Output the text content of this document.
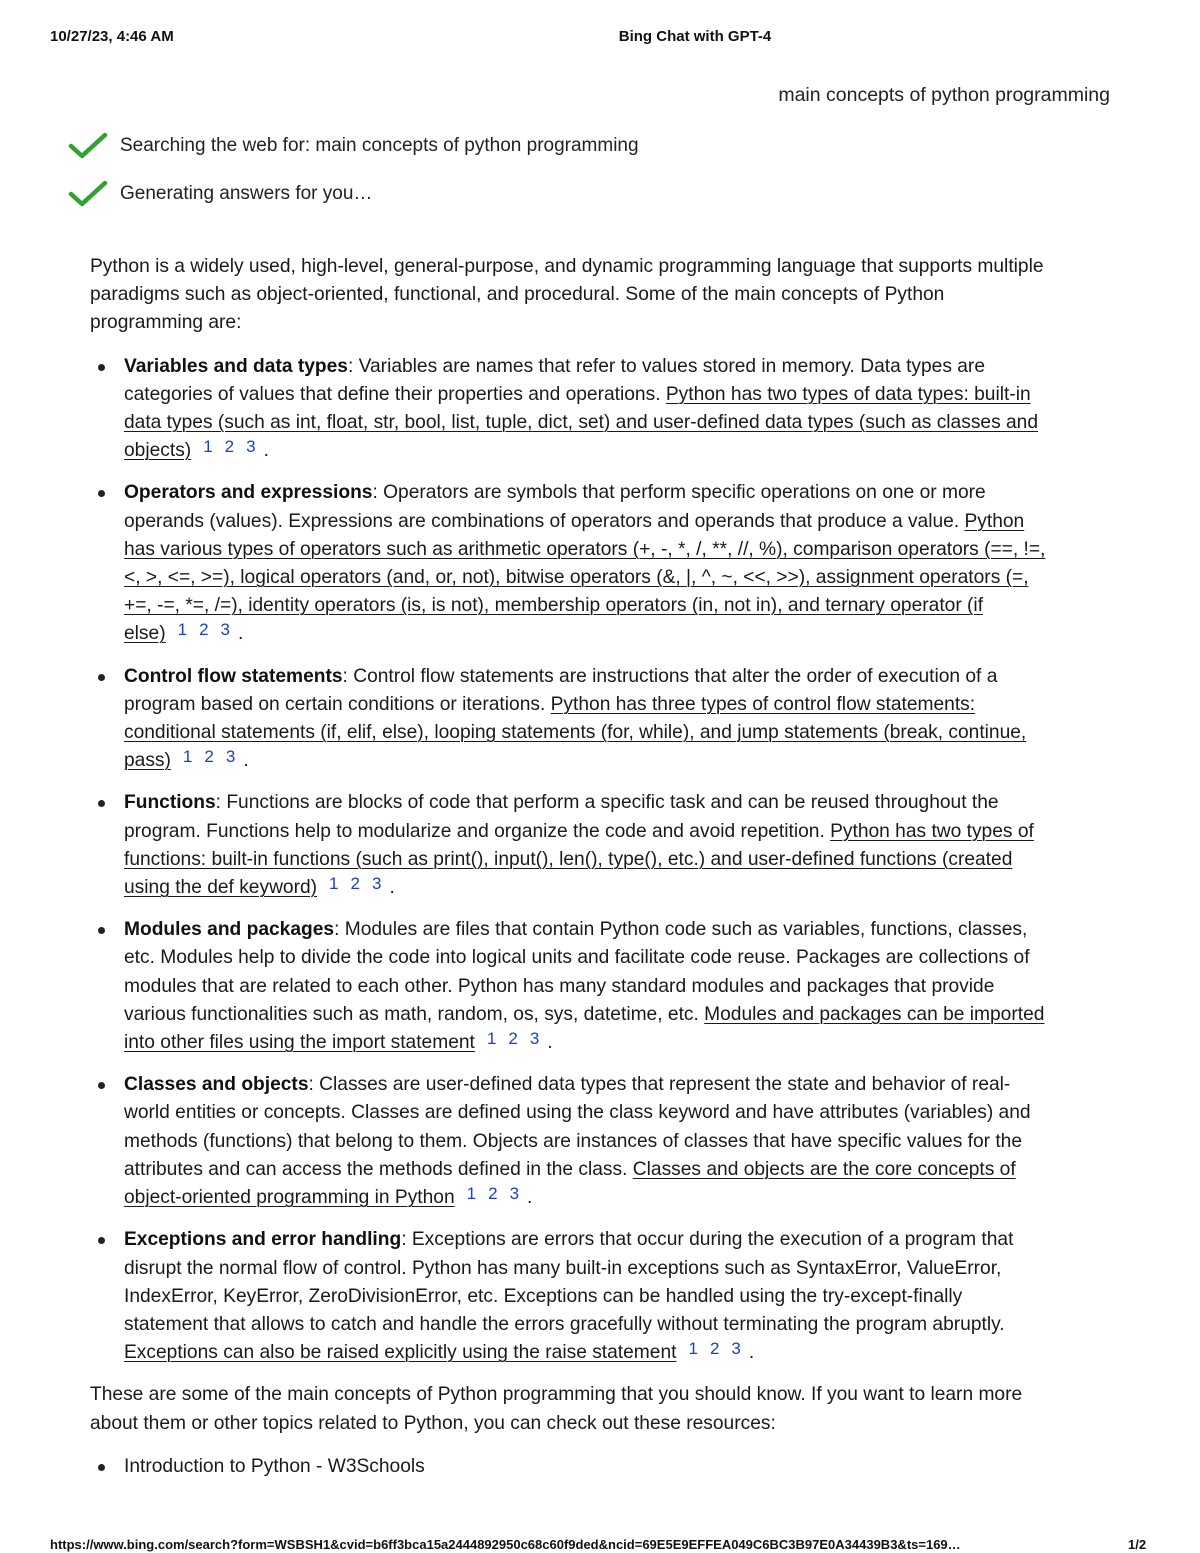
10/27/23, 4:46 AM	Bing Chat with GPT-4
main concepts of python programming
Searching the web for: main concepts of python programming
Generating answers for you…

Python is a widely used, high-level, general-purpose, and dynamic programming language that supports multiple paradigms such as object-oriented, functional, and procedural. Some of the main concepts of Python programming are:

Variables and data types: Variables are names that refer to values stored in memory. Data types are categories of values that define their properties and operations. Python has two types of data types: built-in data types (such as int, float, str, bool, list, tuple, dict, set) and user-defined data types (such as classes and objects) 1 2 3 .
Operators and expressions: Operators are symbols that perform specific operations on one or more operands (values). Expressions are combinations of operators and operands that produce a value. Python has various types of operators such as arithmetic operators (+, -, *, /, **, //, %), comparison operators (==, !=, <, >, <=, >=), logical operators (and, or, not), bitwise operators (&, |, ^, ~, <<, >>), assignment operators (=, +=, -=, *=, /=), identity operators (is, is not), membership operators (in, not in), and ternary operator (if else) 1 2 3 .
Control flow statements: Control flow statements are instructions that alter the order of execution of a program based on certain conditions or iterations. Python has three types of control flow statements: conditional statements (if, elif, else), looping statements (for, while), and jump statements (break, continue, pass) 1 2 3 .
Functions: Functions are blocks of code that perform a specific task and can be reused throughout the program. Functions help to modularize and organize the code and avoid repetition. Python has two types of functions: built-in functions (such as print(), input(), len(), type(), etc.) and user-defined functions (created using the def keyword) 1 2 3 .
Modules and packages: Modules are files that contain Python code such as variables, functions, classes, etc. Modules help to divide the code into logical units and facilitate code reuse. Packages are collections of modules that are related to each other. Python has many standard modules and packages that provide various functionalities such as math, random, os, sys, datetime, etc. Modules and packages can be imported into other files using the import statement 1 2 3 .
Classes and objects: Classes are user-defined data types that represent the state and behavior of real-world entities or concepts. Classes are defined using the class keyword and have attributes (variables) and methods (functions) that belong to them. Objects are instances of classes that have specific values for the attributes and can access the methods defined in the class. Classes and objects are the core concepts of object-oriented programming in Python 1 2 3 .
Exceptions and error handling: Exceptions are errors that occur during the execution of a program that disrupt the normal flow of control. Python has many built-in exceptions such as SyntaxError, ValueError, IndexError, KeyError, ZeroDivisionError, etc. Exceptions can be handled using the try-except-finally statement that allows to catch and handle the errors gracefully without terminating the program abruptly. Exceptions can also be raised explicitly using the raise statement 1 2 3 .

These are some of the main concepts of Python programming that you should know. If you want to learn more about them or other topics related to Python, you can check out these resources:

Introduction to Python - W3Schools
https://www.bing.com/search?form=WSBSH1&cvid=b6ff3bca15a2444892950c68c60f9ded&ncid=69E5E9EFFEA049C6BC3B97E0A34439B3&ts=169…	1/2
